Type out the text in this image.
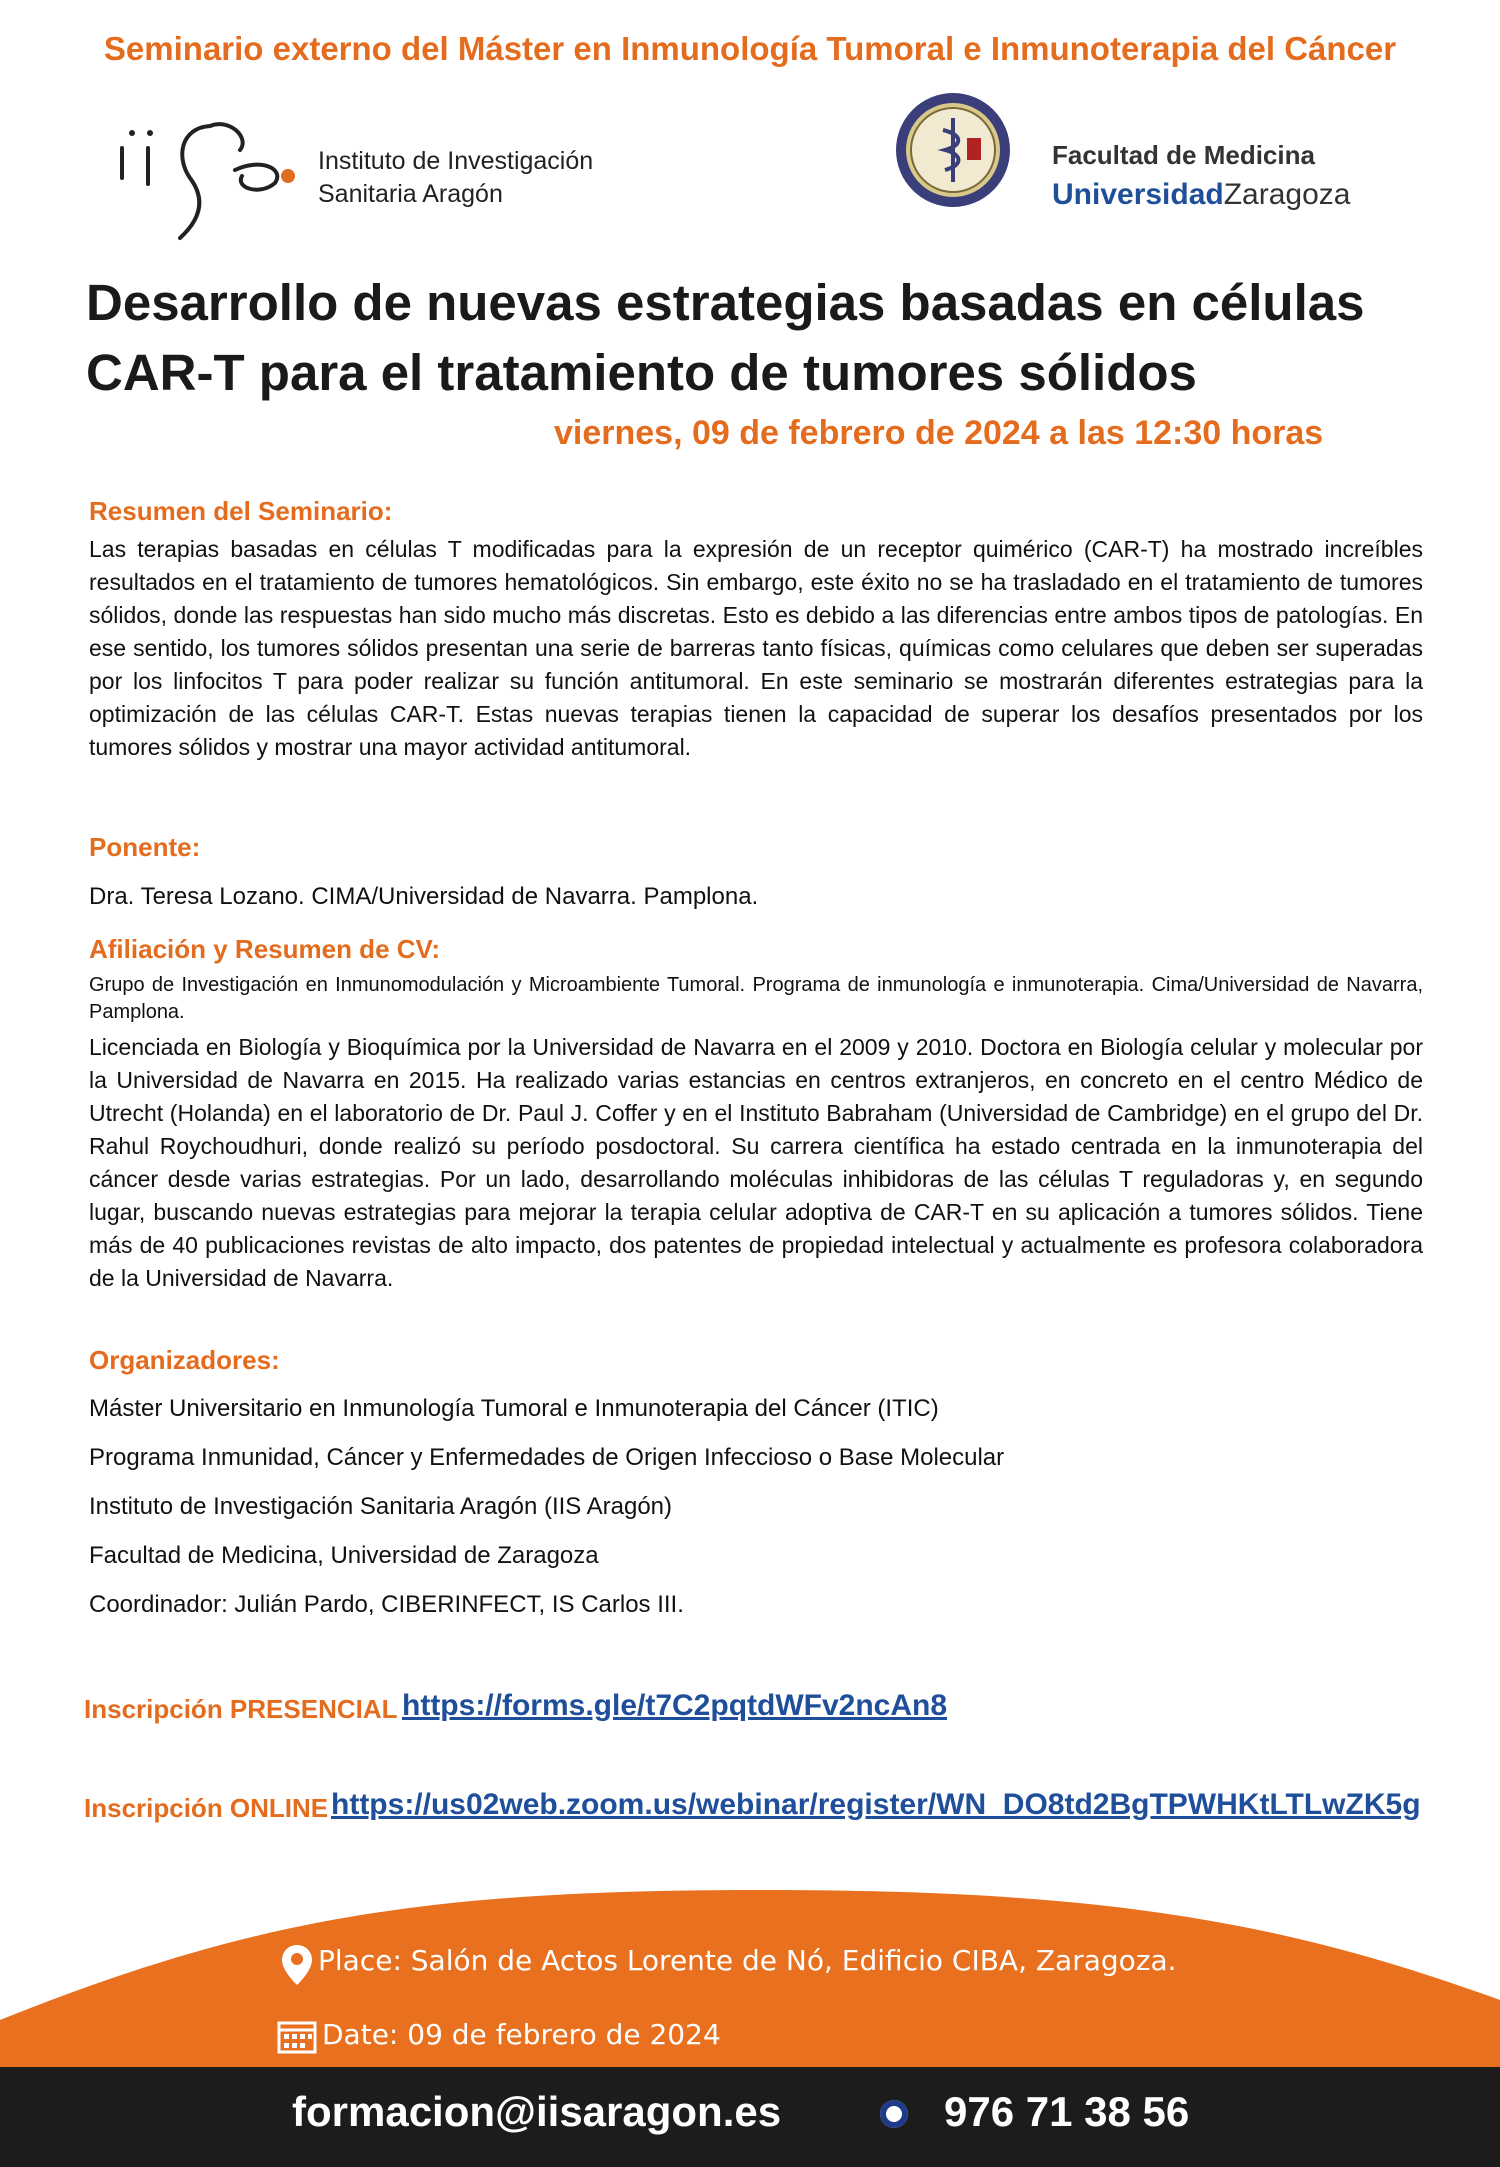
Seminario externo del Máster en Inmunología Tumoral e Inmunoterapia del Cáncer
Instituto de Investigación
Sanitaria Aragón
Facultad de Medicina
UniversidadZaragoza
Desarrollo de nuevas estrategias basadas en células
CAR-T para el tratamiento de tumores sólidos
viernes, 09 de febrero de 2024 a las 12:30 horas
Resumen del Seminario:
Las terapias basadas en células T modificadas para la expresión de un receptor quimérico (CAR-T) ha mostrado increíbles resultados en el tratamiento de tumores hematológicos. Sin embargo, este éxito no se ha trasladado en el tratamiento de tumores sólidos, donde las respuestas han sido mucho más discretas. Esto es debido a las diferencias entre ambos tipos de patologías. En ese sentido, los tumores sólidos presentan una serie de barreras tanto físicas, químicas como celulares que deben ser superadas por los linfocitos T para poder realizar su función antitumoral. En este seminario se mostrarán diferentes estrategias para la optimización de las células CAR-T. Estas nuevas terapias tienen la capacidad de superar los desafíos presentados por los tumores sólidos y mostrar una mayor actividad antitumoral.
Ponente:
Dra. Teresa Lozano. CIMA/Universidad de Navarra. Pamplona.
Afiliación y Resumen de CV:
Grupo de Investigación en Inmunomodulación y Microambiente Tumoral. Programa de inmunología e inmunoterapia. Cima/Universidad de Navarra, Pamplona.
Licenciada en Biología y Bioquímica por la Universidad de Navarra en el 2009 y 2010. Doctora en Biología celular y molecular por la Universidad de Navarra en 2015. Ha realizado varias estancias en centros extranjeros, en concreto en el centro Médico de Utrecht (Holanda) en el laboratorio de Dr. Paul J. Coffer y en el Instituto Babraham (Universidad de Cambridge) en el grupo del Dr. Rahul Roychoudhuri, donde realizó su período posdoctoral. Su carrera científica ha estado centrada en la inmunoterapia del cáncer desde varias estrategias. Por un lado, desarrollando moléculas inhibidoras de las células T reguladoras y, en segundo lugar, buscando nuevas estrategias para mejorar la terapia celular adoptiva de CAR-T en su aplicación a tumores sólidos. Tiene más de 40 publicaciones revistas de alto impacto, dos patentes de propiedad intelectual y actualmente es profesora colaboradora de la Universidad de Navarra.
Organizadores:
Máster Universitario en Inmunología Tumoral e Inmunoterapia del Cáncer (ITIC)
Programa Inmunidad, Cáncer y Enfermedades de Origen Infeccioso o Base Molecular
Instituto de Investigación Sanitaria Aragón (IIS Aragón)
Facultad de Medicina, Universidad de Zaragoza
Coordinador: Julián Pardo, CIBERINFECT, IS Carlos III.
Inscripción PRESENCIAL https://forms.gle/t7C2pqtdWFv2ncAn8
Inscripción ONLINE https://us02web.zoom.us/webinar/register/WN_DO8td2BgTPWHKtLTLwZK5g
Place: Salón de Actos Lorente de Nó, Edificio CIBA, Zaragoza.
Date: 09 de febrero de 2024
formacion@iisaragon.es	976 71 38 56
